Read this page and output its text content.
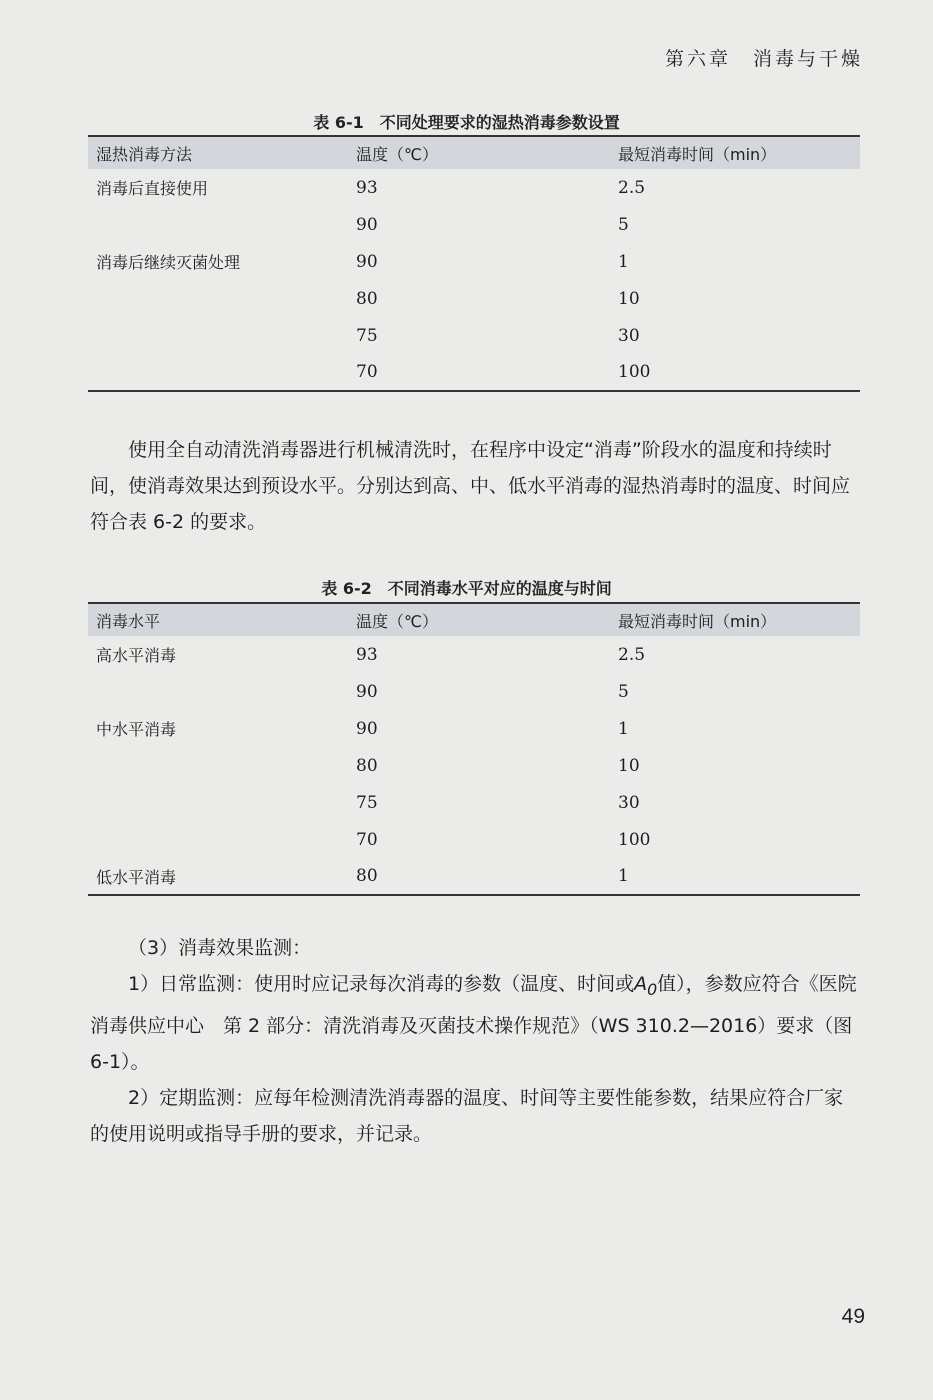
第六章 消毒与干燥
表 6-1 不同处理要求的湿热消毒参数设置
湿热消毒方法	温度（℃）	最短消毒时间（min）
消毒后直接使用	93	2.5
	90	5
消毒后继续灭菌处理	90	1
	80	10
	75	30
	70	100

使用全自动清洗消毒器进行机械清洗时，在程序中设定“消毒”阶段水的温度和持续时间，使消毒效果达到预设水平。分别达到高、中、低水平消毒的湿热消毒时的温度、时间应符合表 6-2 的要求。

表 6-2 不同消毒水平对应的温度与时间
消毒水平	温度（℃）	最短消毒时间（min）
高水平消毒	93	2.5
	90	5
中水平消毒	90	1
	80	10
	75	30
	70	100
低水平消毒	80	1

（3）消毒效果监测：

1）日常监测：使用时应记录每次消毒的参数（温度、时间或$A_0$值），参数应符合《医院消毒供应中心　第 2 部分：清洗消毒及灭菌技术操作规范》（WS 310.2—2016）要求（图 6-1）。

2）定期监测：应每年检测清洗消毒器的温度、时间等主要性能参数，结果应符合厂家的使用说明或指导手册的要求，并记录。

49
